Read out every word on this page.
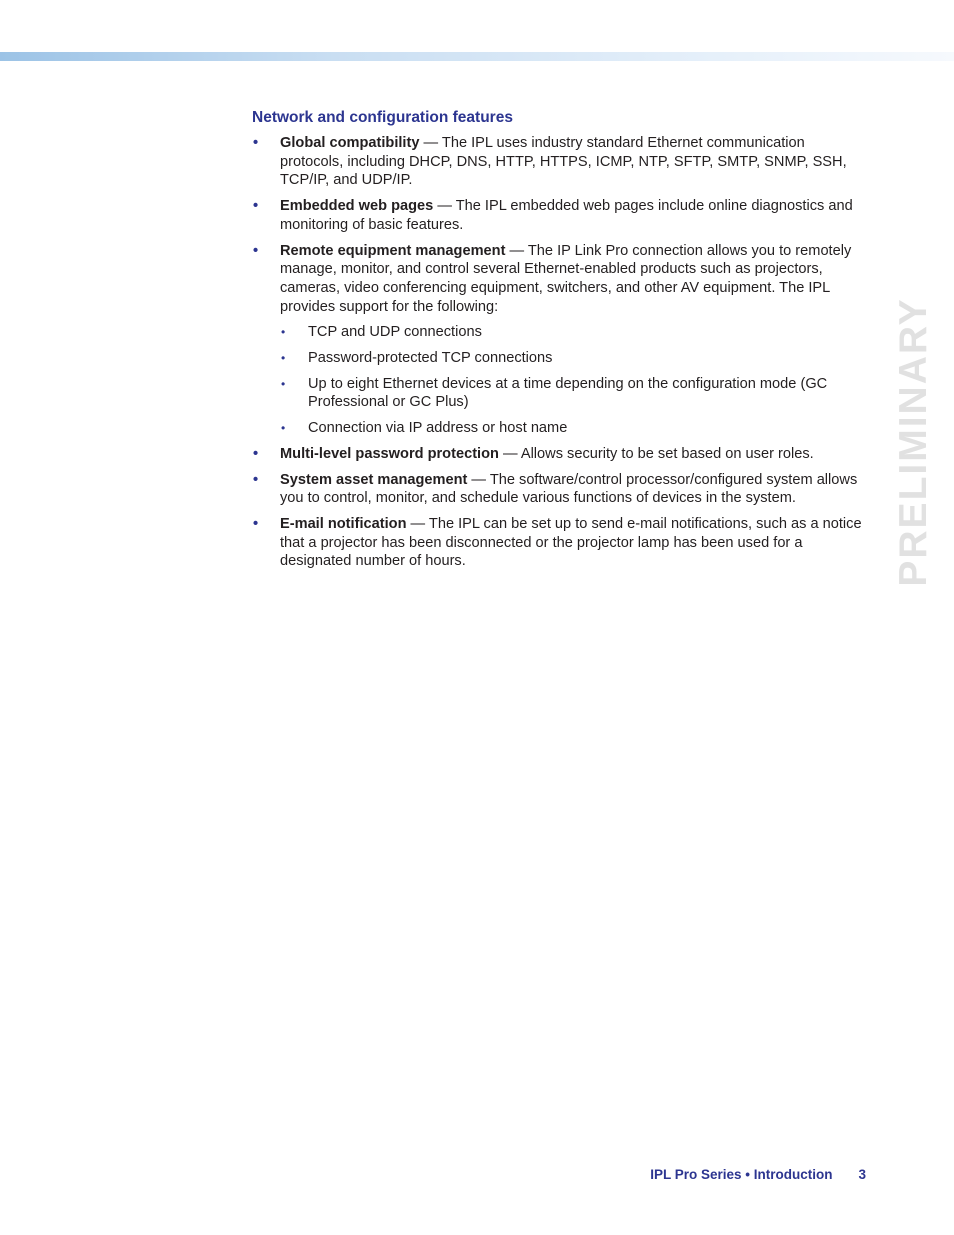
PRELIMINARY
Network and configuration features
• Global compatibility — The IPL uses industry standard Ethernet communication protocols, including DHCP, DNS, HTTP, HTTPS, ICMP, NTP, SFTP, SMTP, SNMP, SSH, TCP/IP, and UDP/IP.
• Embedded web pages — The IPL embedded web pages include online diagnostics and monitoring of basic features.
• Remote equipment management — The IP Link Pro connection allows you to remotely manage, monitor, and control several Ethernet-enabled products such as projectors, cameras, video conferencing equipment, switchers, and other AV equipment. The IPL provides support for the following:
• TCP and UDP connections
• Password-protected TCP connections
• Up to eight Ethernet devices at a time depending on the configuration mode (GC Professional or GC Plus)
• Connection via IP address or host name
• Multi-level password protection — Allows security to be set based on user roles.
• System asset management — The software/control processor/configured system allows you to control, monitor, and schedule various functions of devices in the system.
• E-mail notification — The IPL can be set up to send e-mail notifications, such as a notice that a projector has been disconnected or the projector lamp has been used for a designated number of hours.
IPL Pro Series • Introduction 3
